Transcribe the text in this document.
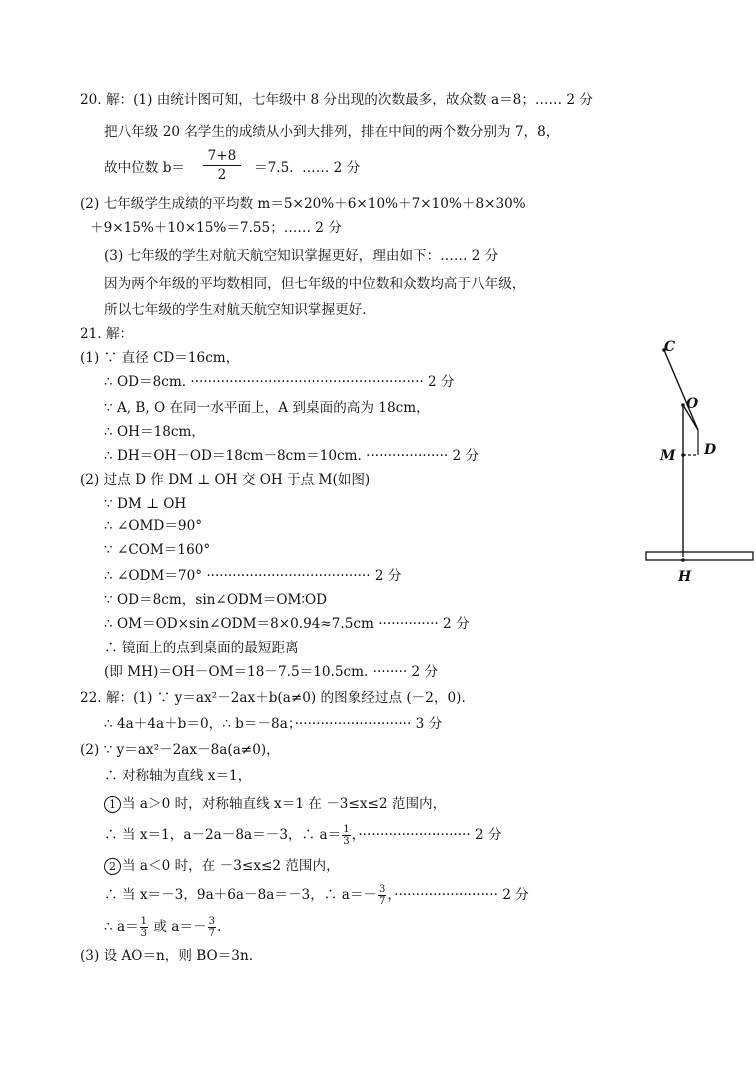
20. 解：(1) 由统计图可知，七年级中 8 分出现的次数最多，故众数 a＝8；…… 2 分
把八年级 20 名学生的成绩从小到大排列，排在中间的两个数分别为 7，8，
故中位数 b＝
7+8
2	＝7.5.  …… 2 分
(2) 七年级学生成绩的平均数 m＝5×20%＋6×10%＋7×10%＋8×30%
＋9×15%＋10×15%＝7.55；…… 2 分
(3) 七年级的学生对航天航空知识掌握更好，理由如下：…… 2 分
因为两个年级的平均数相同，但七年级的中位数和众数均高于八年级，
所以七年级的学生对航天航空知识掌握更好.
21. 解：
(1) ∵ 直径 CD＝16cm，
∴ OD＝8cm. ······················································ 2 分
∵ A, B, O 在同一水平面上，A 到桌面的高为 18cm，
∴ OH＝18cm，
∴ DH＝OH－OD＝18cm－8cm＝10cm. ··················· 2 分
(2) 过点 D 作 DM ⊥ OH 交 OH 于点 M(如图)
∵ DM ⊥ OH
∴ ∠OMD＝90°
∵ ∠COM＝160°
∴ ∠ODM＝70° ······································ 2 分
∵ OD＝8cm，sin∠ODM＝OM∶OD
∴ OM＝OD×sin∠ODM＝8×0.94≈7.5cm ·············· 2 分
∴ 镜面上的点到桌面的最短距离
(即 MH)＝OH－OM＝18－7.5＝10.5cm. ········ 2 分
22. 解：(1) ∵ y＝ax²－2ax＋b(a≠0) 的图象经过点 (－2，0).
∴ 4a＋4a＋b＝0，∴ b＝－8a；··························· 3 分
(2) ∵ y＝ax²－2ax－8a(a≠0)，
∴ 对称轴为直线 x＝1，
1 当 a＞0 时，对称轴直线 x＝1 在 －3≤x≤2 范围内，
∴ 当 x＝1，a－2a－8a＝－3，∴ $a= \frac{1}{3}$ ，·························· 2 分
2 当 a＜0 时，在 －3≤x≤2 范围内，
∴ 当 x＝－3，9a＋6a－8a＝－3，∴ $a=- \frac{3}{7}$ ，························ 2 分
∴ $a= \frac{1}{3}$ 或 $a=- \frac{3}{7}$ .
(3) 设 AO＝n，则 BO＝3n.
C
O
M D
H
